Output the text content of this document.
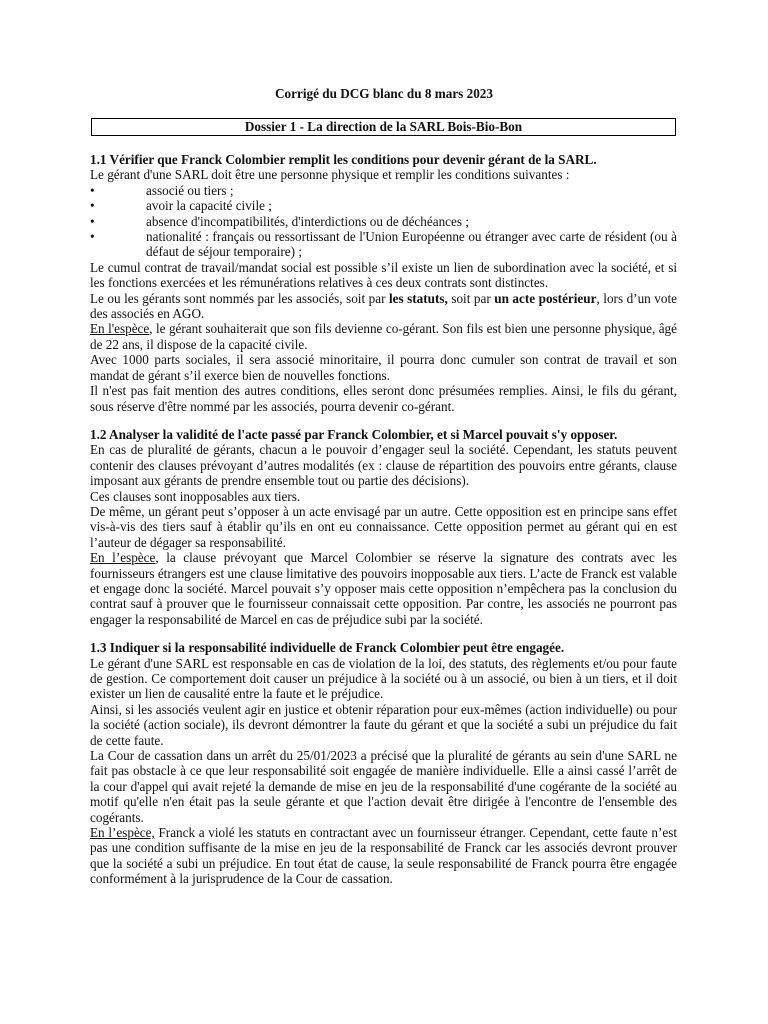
Corrigé du DCG blanc du 8 mars 2023
Dossier 1 - La direction de la SARL Bois-Bio-Bon

1.1 Vérifier que Franck Colombier remplit les conditions pour devenir gérant de la SARL.

Le gérant d'une SARL doit être une personne physique et remplir les conditions suivantes :

•	associé ou tiers ;
•	avoir la capacité civile ;
•	absence d'incompatibilités, d'interdictions ou de déchéances ;
•	nationalité : français ou ressortissant de l'Union Européenne ou étranger avec carte de résident (ou à défaut de séjour temporaire) ;

Le cumul contrat de travail/mandat social est possible s’il existe un lien de subordination avec la société, et si les fonctions exercées et les rémunérations relatives à ces deux contrats sont distinctes.

Le ou les gérants sont nommés par les associés, soit par les statuts, soit par un acte postérieur, lors d’un vote des associés en AGO.

En l'espèce, le gérant souhaiterait que son fils devienne co-gérant. Son fils est bien une personne physique, âgé de 22 ans, il dispose de la capacité civile.

Avec 1000 parts sociales, il sera associé minoritaire, il pourra donc cumuler son contrat de travail et son mandat de gérant s’il exerce bien de nouvelles fonctions.

Il n'est pas fait mention des autres conditions, elles seront donc présumées remplies. Ainsi, le fils du gérant, sous réserve d'être nommé par les associés, pourra devenir co-gérant.

1.2 Analyser la validité de l'acte passé par Franck Colombier, et si Marcel pouvait s'y opposer.

En cas de pluralité de gérants, chacun a le pouvoir d’engager seul la société. Cependant, les statuts peuvent contenir des clauses prévoyant d’autres modalités (ex : clause de répartition des pouvoirs entre gérants, clause imposant aux gérants de prendre ensemble tout ou partie des décisions).

Ces clauses sont inopposables aux tiers.

De même, un gérant peut s’opposer à un acte envisagé par un autre. Cette opposition est en principe sans effet vis-à-vis des tiers sauf à établir qu’ils en ont eu connaissance. Cette opposition permet au gérant qui en est l’auteur de dégager sa responsabilité.

En l’espèce, la clause prévoyant que Marcel Colombier se réserve la signature des contrats avec les fournisseurs étrangers est une clause limitative des pouvoirs inopposable aux tiers. L’acte de Franck est valable et engage donc la société. Marcel pouvait s’y opposer mais cette opposition n’empêchera pas la conclusion du contrat sauf à prouver que le fournisseur connaissait cette opposition. Par contre, les associés ne pourront pas engager la responsabilité de Marcel en cas de préjudice subi par la société.

1.3 Indiquer si la responsabilité individuelle de Franck Colombier peut être engagée.

Le gérant d'une SARL est responsable en cas de violation de la loi, des statuts, des règlements et/ou pour faute de gestion. Ce comportement doit causer un préjudice à la société ou à un associé, ou bien à un tiers, et il doit exister un lien de causalité entre la faute et le préjudice.

Ainsi, si les associés veulent agir en justice et obtenir réparation pour eux-mêmes (action individuelle) ou pour la société (action sociale), ils devront démontrer la faute du gérant et que la société a subi un préjudice du fait de cette faute.

La Cour de cassation dans un arrêt du 25/01/2023 a précisé que la pluralité de gérants au sein d'une SARL ne fait pas obstacle à ce que leur responsabilité soit engagée de manière individuelle. Elle a ainsi cassé l’arrêt de la cour d'appel qui avait rejeté la demande de mise en jeu de la responsabilité d'une cogérante de la société au motif qu'elle n'en était pas la seule gérante et que l'action devait être dirigée à l'encontre de l'ensemble des cogérants.

En l’espèce, Franck a violé les statuts en contractant avec un fournisseur étranger. Cependant, cette faute n’est pas une condition suffisante de la mise en jeu de la responsabilité de Franck car les associés devront prouver que la société a subi un préjudice. En tout état de cause, la seule responsabilité de Franck pourra être engagée conformément à la jurisprudence de la Cour de cassation.
